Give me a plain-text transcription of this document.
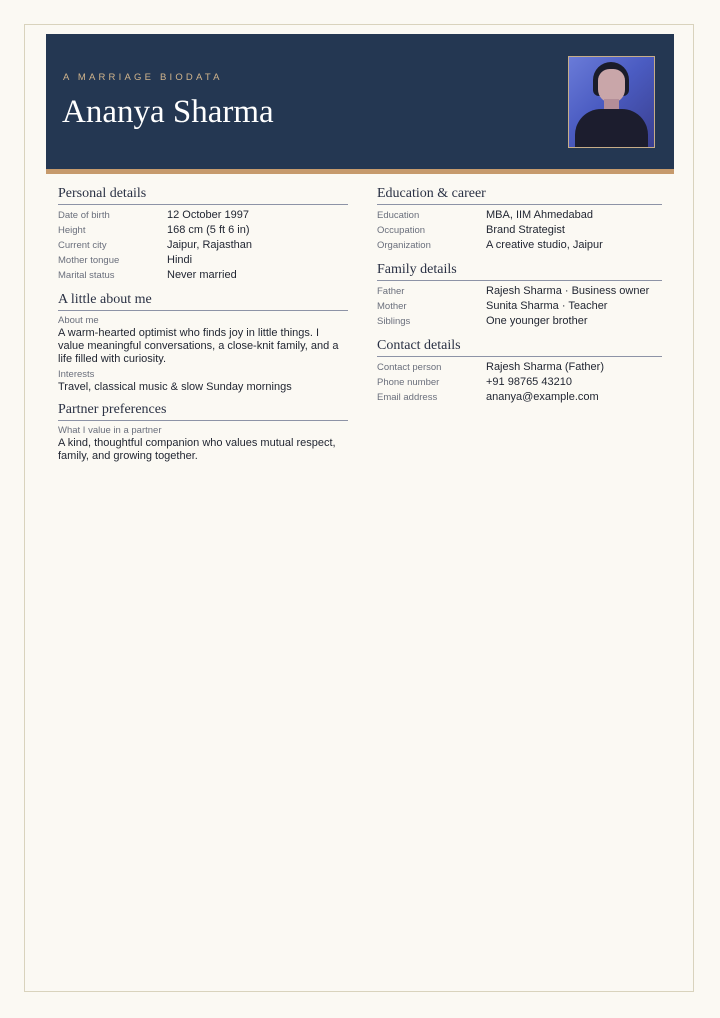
A MARRIAGE BIODATA
Ananya Sharma
Personal details
Date of birth	12 October 1997
Height	168 cm (5 ft 6 in)
Current city	Jaipur, Rajasthan
Mother tongue	Hindi
Marital status	Never married
A little about me
About me
A warm-hearted optimist who finds joy in little things. I value meaningful conversations, a close-knit family, and a life filled with curiosity.
Interests
Travel, classical music & slow Sunday mornings
Partner preferences
What I value in a partner
A kind, thoughtful companion who values mutual respect, family, and growing together.
Education & career
Education	MBA, IIM Ahmedabad
Occupation	Brand Strategist
Organization	A creative studio, Jaipur
Family details
Father	Rajesh Sharma · Business owner
Mother	Sunita Sharma · Teacher
Siblings	One younger brother
Contact details
Contact person	Rajesh Sharma (Father)
Phone number	+91 98765 43210
Email address	ananya@example.com
